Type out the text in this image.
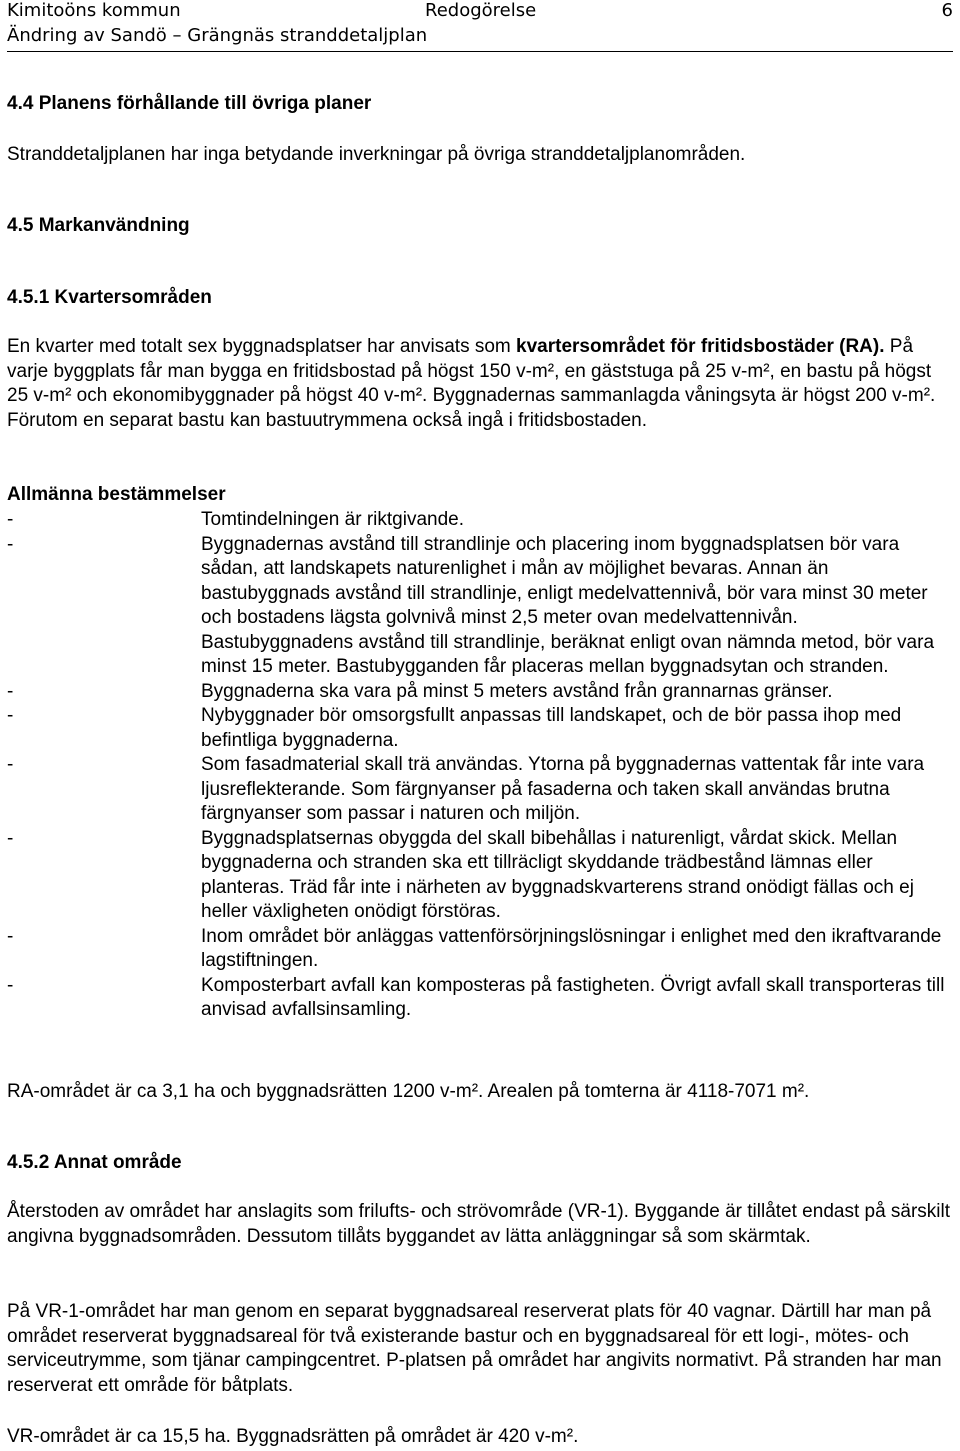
Kimitoöns kommun	Redogörelse	6
Ändring av Sandö – Grängnäs stranddetaljplan
4.4 Planens förhållande till övriga planer
Stranddetaljplanen har inga betydande inverkningar på övriga stranddetaljplanområden.
4.5 Markanvändning
4.5.1 Kvartersområden
En kvarter med totalt sex byggnadsplatser har anvisats som kvartersområdet för fritidsbostäder (RA). På varje byggplats får man bygga en fritidsbostad på högst 150 v-m², en gäststuga på 25 v-m², en bastu på högst 25 v-m² och ekonomibyggnader på högst 40 v-m². Byggnadernas sammanlagda våningsyta är högst 200 v-m². Förutom en separat bastu kan bastuutrymmena också ingå i fritidsbostaden.
Allmänna bestämmelser
-	Tomtindelningen är riktgivande.
-	Byggnadernas avstånd till strandlinje och placering inom byggnadsplatsen bör vara sådan, att landskapets naturenlighet i mån av möjlighet bevaras. Annan än bastubyggnads avstånd till strandlinje, enligt medelvattennivå, bör vara minst 30 meter och bostadens lägsta golvnivå minst 2,5 meter ovan medelvattennivån. Bastubyggnadens avstånd till strandlinje, beräknat enligt ovan nämnda metod, bör vara minst 15 meter. Bastubygganden får placeras mellan byggnadsytan och stranden.
-	Byggnaderna ska vara på minst 5 meters avstånd från grannarnas gränser.
-	Nybyggnader bör omsorgsfullt anpassas till landskapet, och de bör passa ihop med befintliga byggnaderna.
-	Som fasadmaterial skall trä användas. Ytorna på byggnadernas vattentak får inte vara ljusreflekterande. Som färgnyanser på fasaderna och taken skall användas brutna färgnyanser som passar i naturen och miljön.
-	Byggnadsplatsernas obyggda del skall bibehållas i naturenligt, vårdat skick. Mellan byggnaderna och stranden ska ett tillräcligt skyddande trädbestånd lämnas eller planteras. Träd får inte i närheten av byggnadskvarterens strand onödigt fällas och ej heller växligheten onödigt förstöras.
-	Inom området bör anläggas vattenförsörjningslösningar i enlighet med den ikraftvarande lagstiftningen.
-	Komposterbart avfall kan komposteras på fastigheten. Övrigt avfall skall transporteras till anvisad avfallsinsamling.
RA-området är ca 3,1 ha och byggnadsrätten 1200 v-m². Arealen på tomterna är 4118-7071 m².
4.5.2 Annat område
Återstoden av området har anslagits som frilufts- och strövområde (VR-1). Byggande är tillåtet endast på särskilt angivna byggnadsområden. Dessutom tillåts byggandet av lätta anläggningar så som skärmtak.
På VR-1-området har man genom en separat byggnadsareal reserverat plats för 40 vagnar. Därtill har man på området reserverat byggnadsareal för två existerande bastur och en byggnadsareal för ett logi-, mötes- och serviceutrymme, som tjänar campingcentret. P-platsen på området har angivits normativt. På stranden har man reserverat ett område för båtplats.
VR-området är ca 15,5 ha. Byggnadsrätten på området är 420 v-m².
